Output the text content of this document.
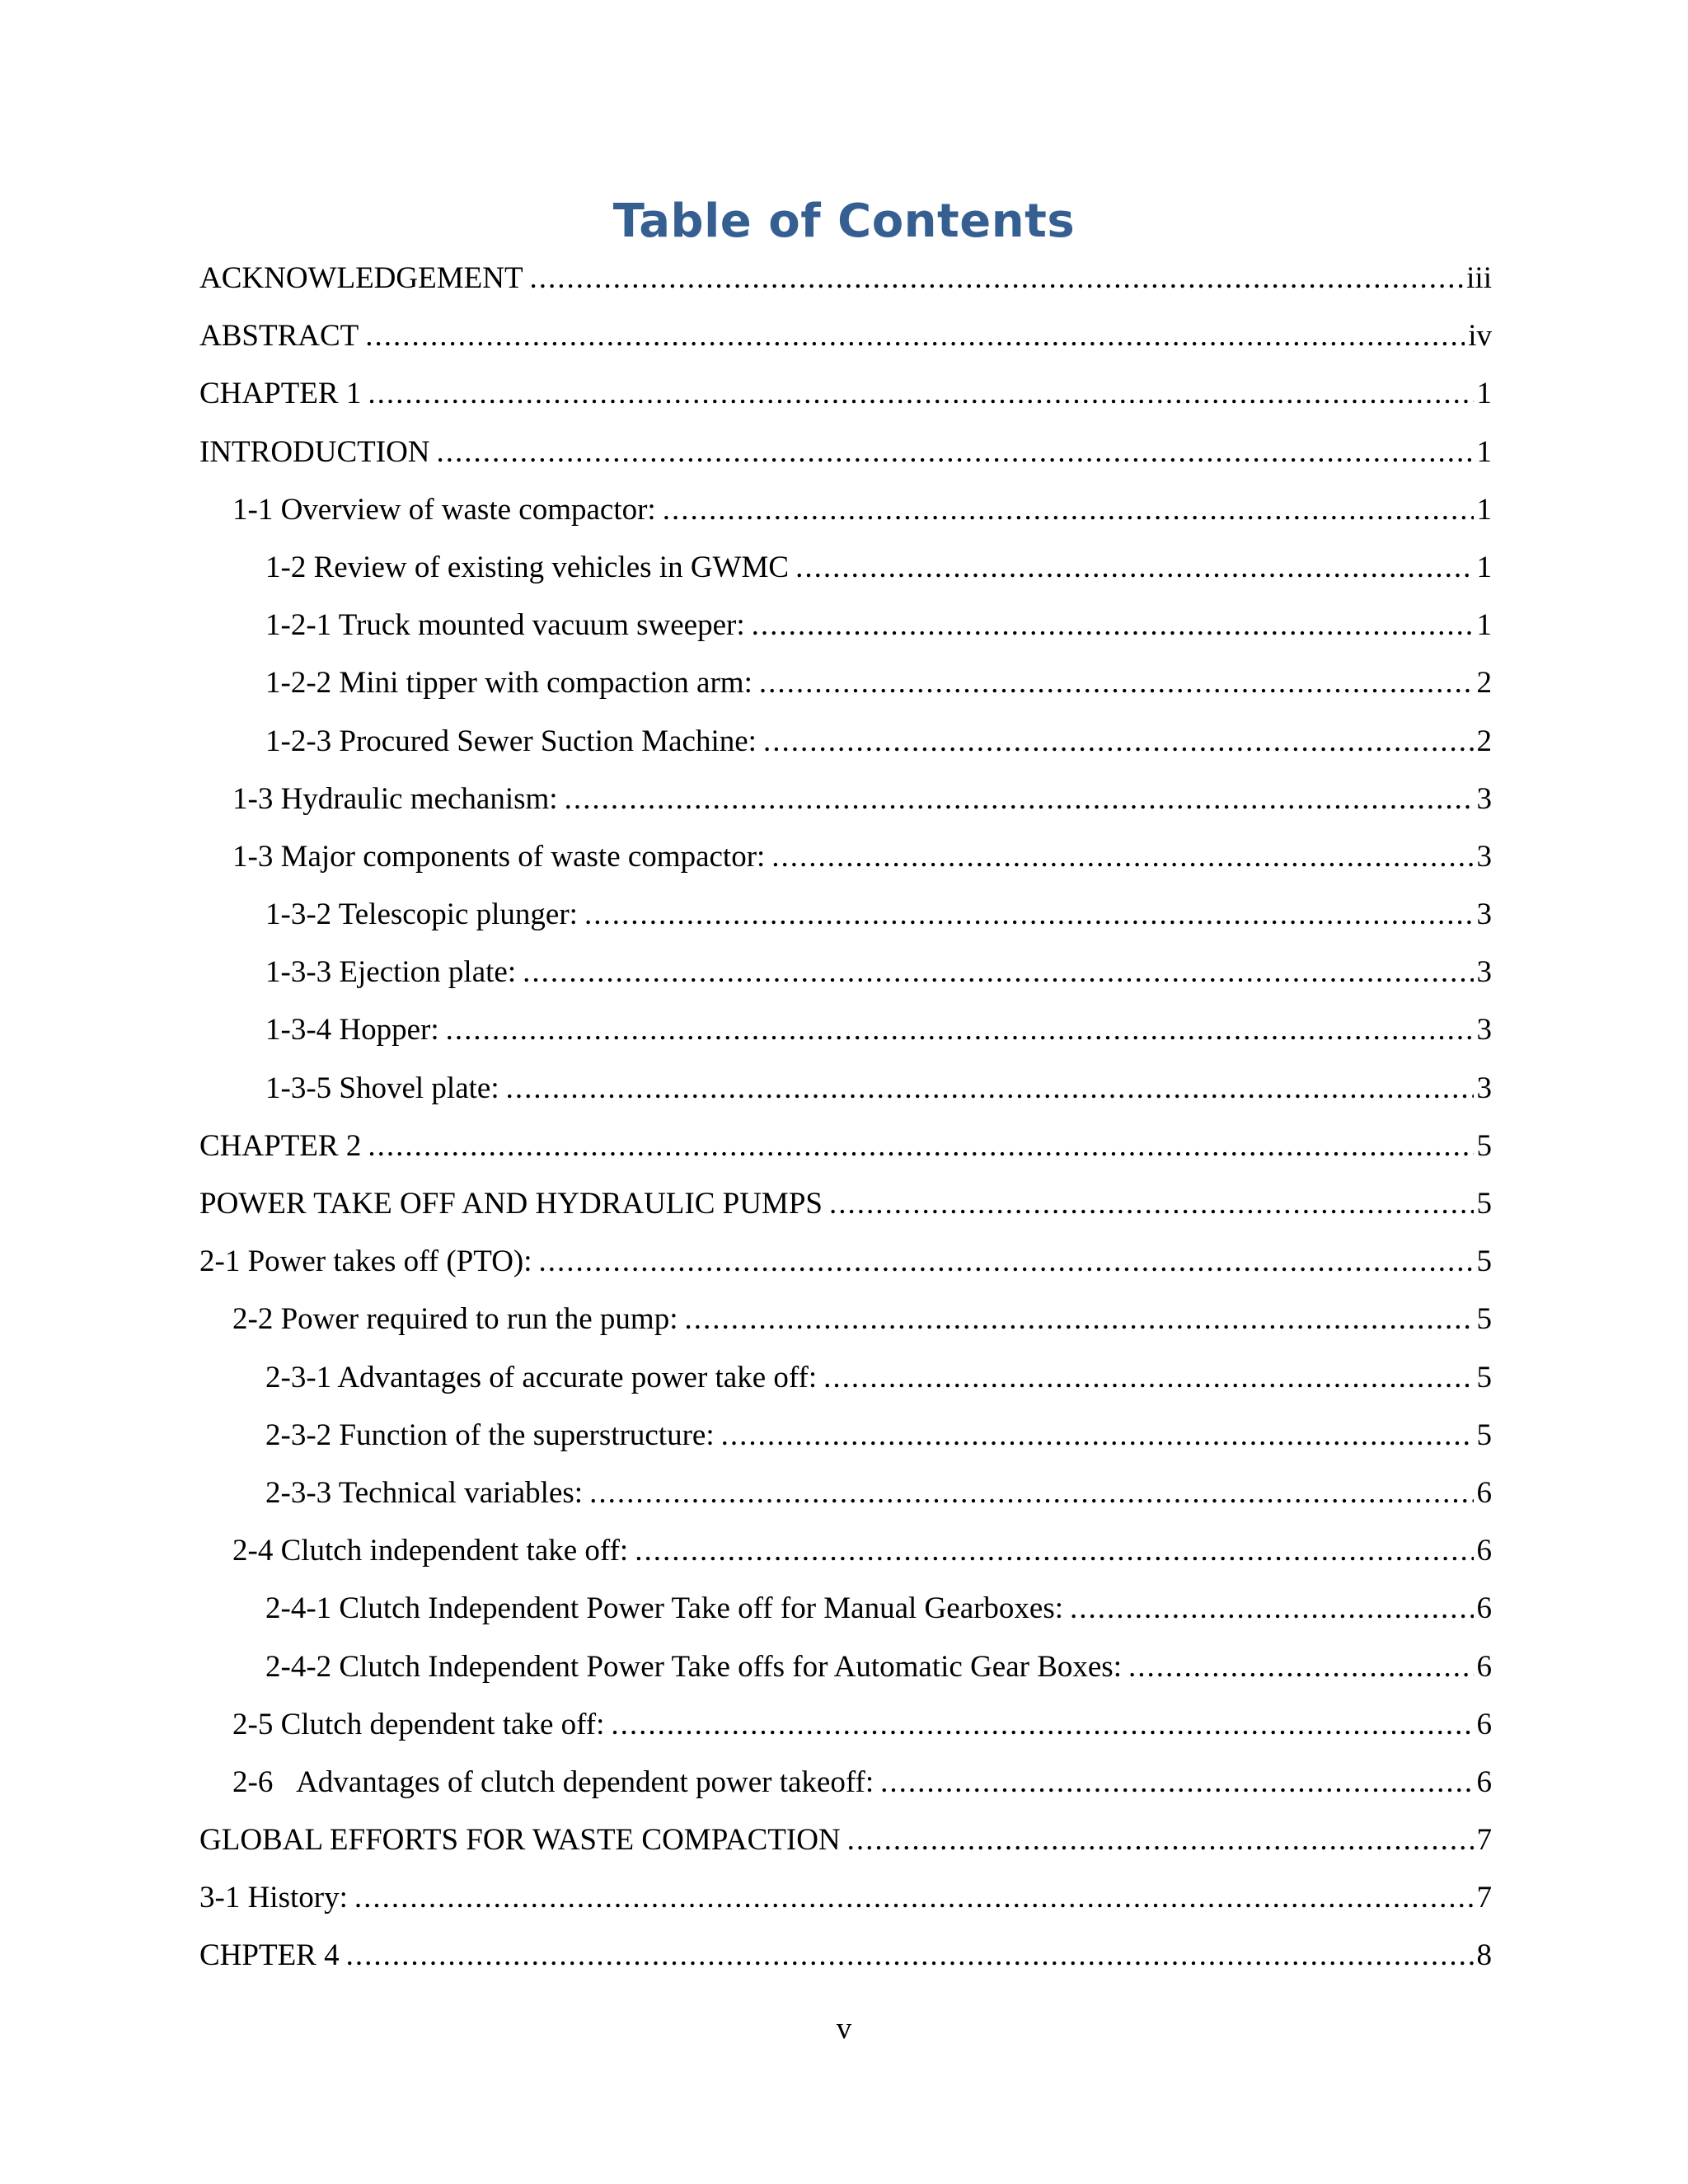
Table of Contents
ACKNOWLEDGEMENT .....	iii
ABSTRACT .....	iv
CHAPTER 1 .....	1
INTRODUCTION .....	1
1-1 Overview of waste compactor: .....	1
1-2 Review of existing vehicles in GWMC .....	1
1-2-1 Truck mounted vacuum sweeper: .....	1
1-2-2 Mini tipper with compaction arm: .....	2
1-2-3 Procured Sewer Suction Machine: .....	2
1-3 Hydraulic mechanism: .....	3
1-3 Major components of waste compactor: .....	3
1-3-2 Telescopic plunger: .....	3
1-3-3 Ejection plate: .....	3
1-3-4 Hopper: .....	3
1-3-5 Shovel plate: .....	3
CHAPTER 2 .....	5
POWER TAKE OFF AND HYDRAULIC PUMPS .....	5
2-1 Power takes off (PTO): .....	5
2-2 Power required to run the pump: .....	5
2-3-1 Advantages of accurate power take off: .....	5
2-3-2 Function of the superstructure: .....	5
2-3-3 Technical variables: .....	6
2-4 Clutch independent take off: .....	6
2-4-1 Clutch Independent Power Take off for Manual Gearboxes: .....	6
2-4-2 Clutch Independent Power Take offs for Automatic Gear Boxes: .....	6
2-5 Clutch dependent take off: .....	6
2-6   Advantages of clutch dependent power takeoff: .....	6
GLOBAL EFFORTS FOR WASTE COMPACTION .....	7
3-1 History: .....	7
CHPTER 4 .....	8
v
